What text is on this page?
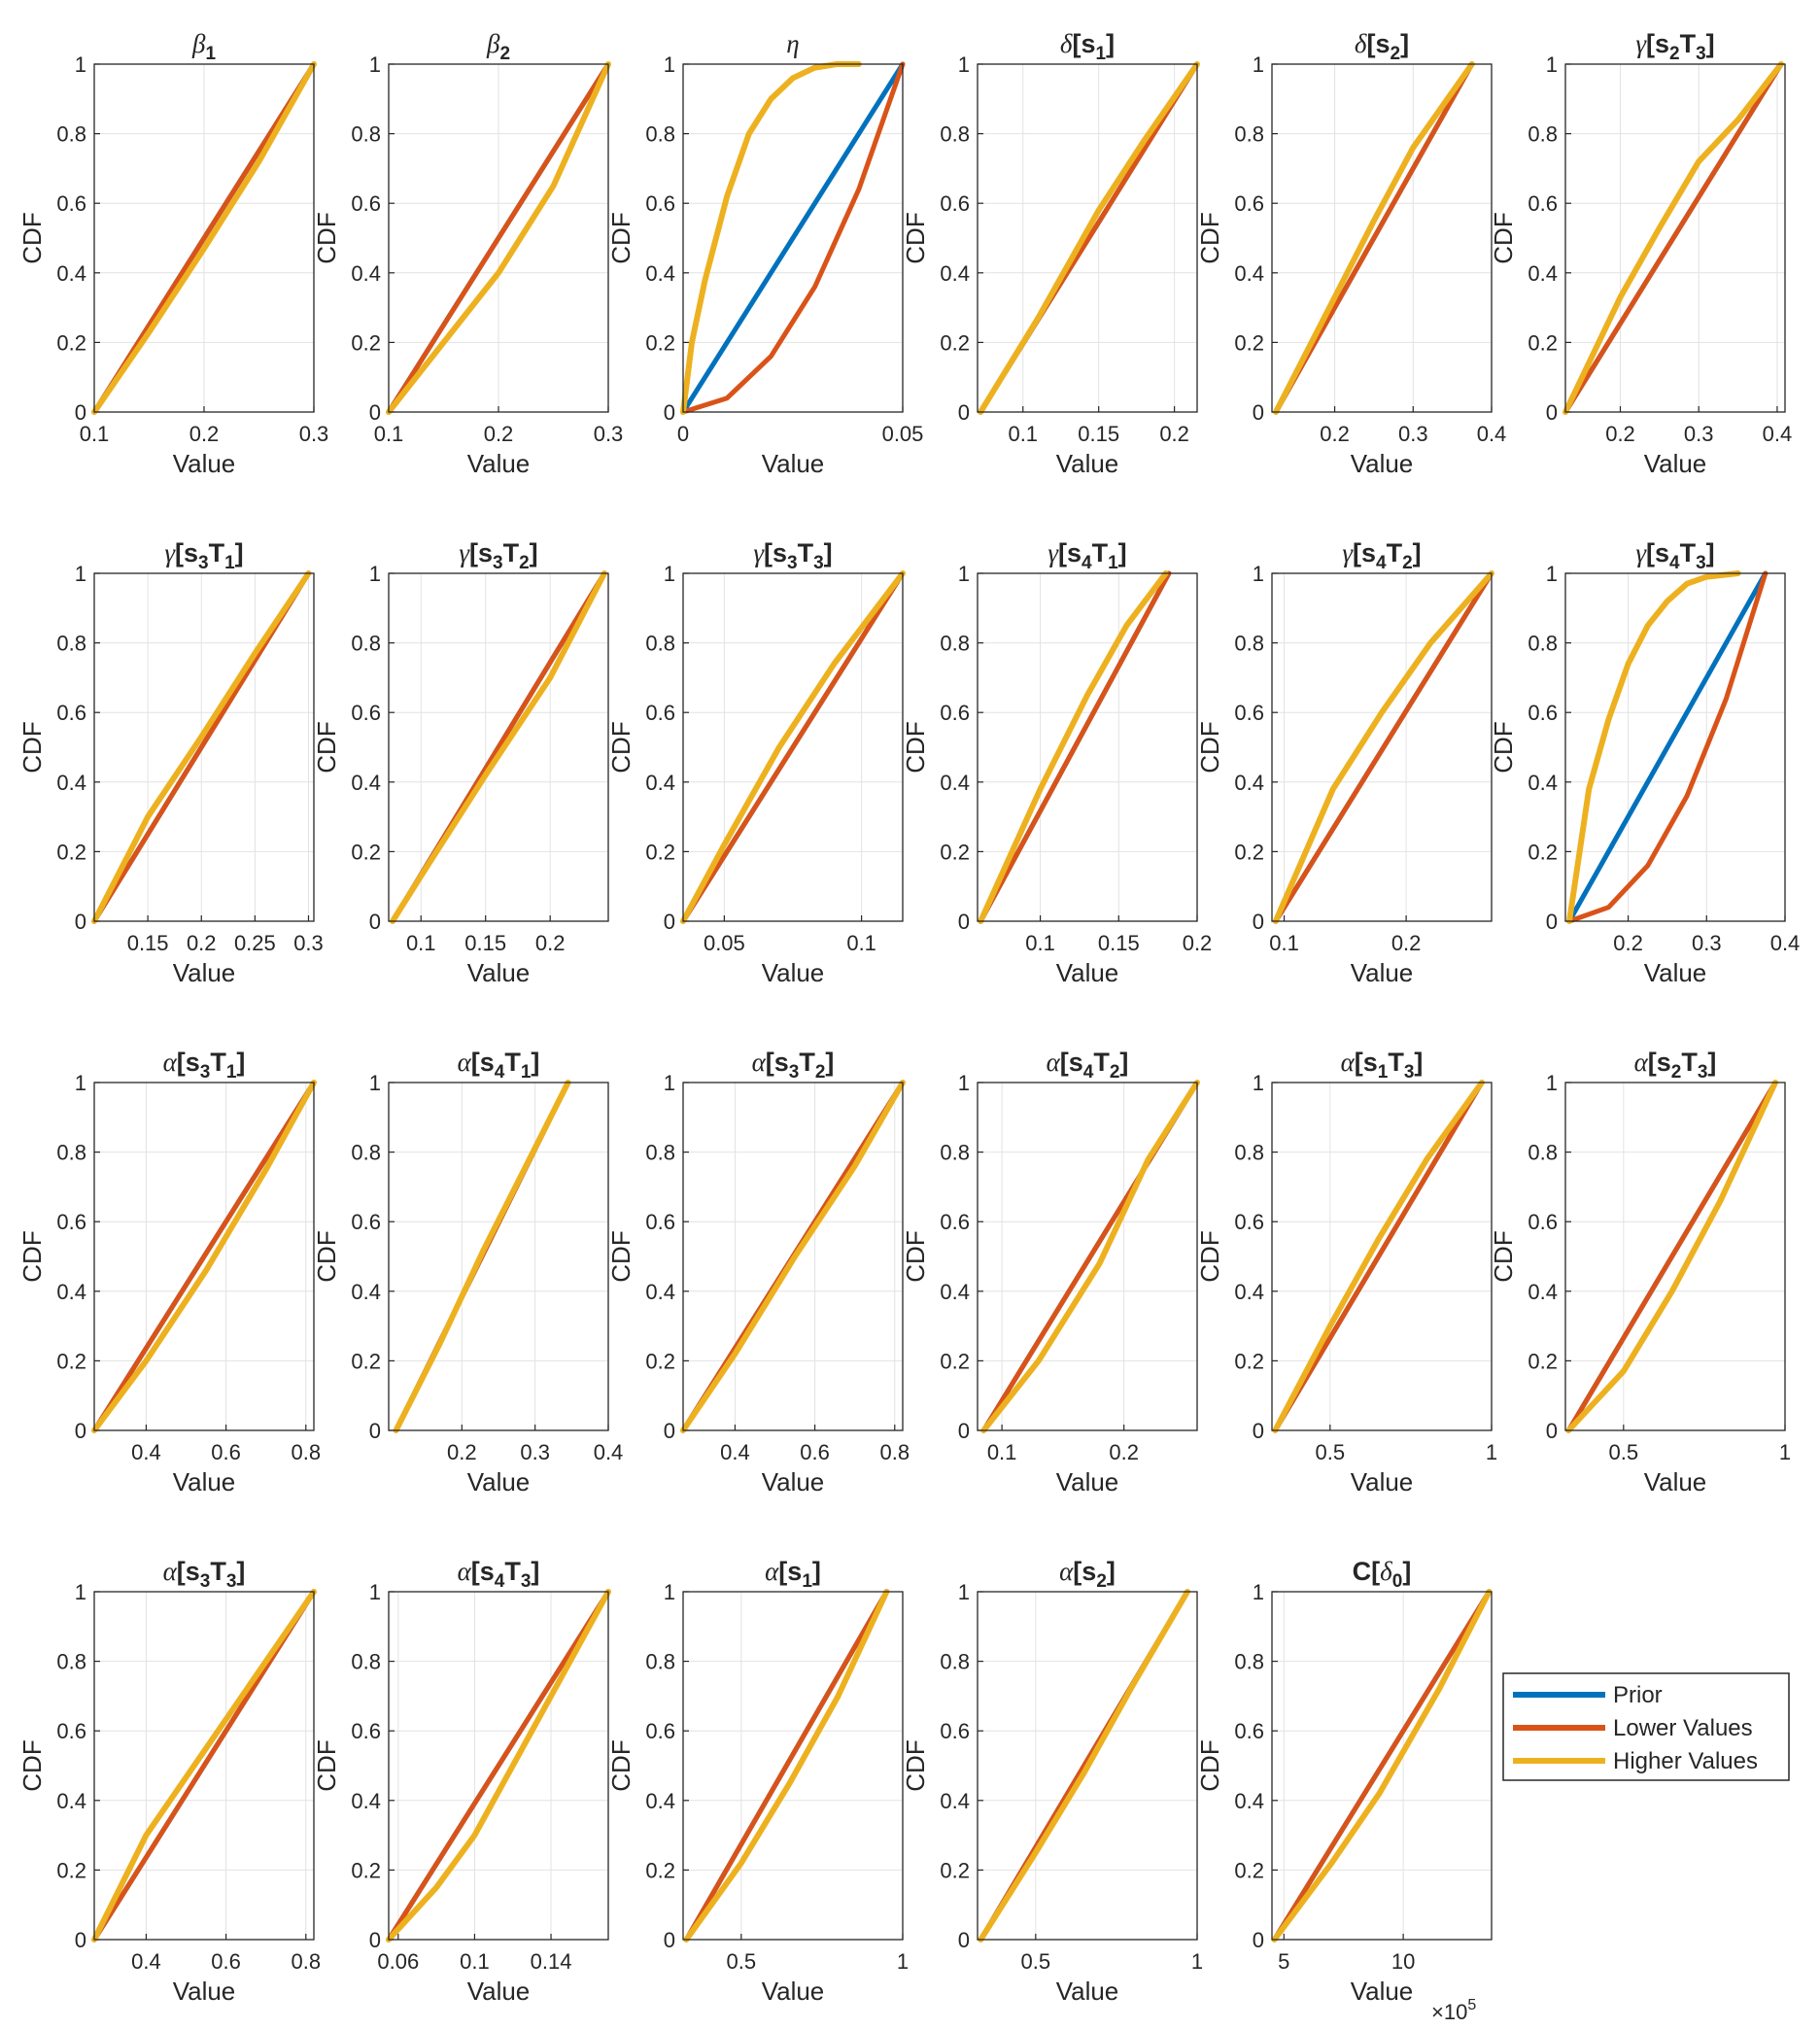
0.1	0.2	0.3
0
0.2
0.4
0.6
0.8
1
Value
CDF
$\beta_1$
0.1	0.2	0.3
0
0.2
0.4
0.6
0.8
1
Value
CDF
$\beta_2$
0	0.05
0
0.2
0.4
0.6
0.8
1
Value
CDF
η
0.1 0.15 0.2
0
0.2
0.4
0.6
0.8
1
Value
CDF
$\delta[s_1]$
0.2 0.3 0.4
0
0.2
0.4
0.6
0.8
1
Value
CDF
$\delta[s_2]$
0.2 0.3 0.4
0
0.2
0.4
0.6
0.8
1
Value
CDF
$\gamma[s_2T_3]$
0.15 0.2 0.25 0.3
0
0.2
0.4
0.6
0.8
1
Value
CDF
$\gamma[s_3T_1]$
0.1 0.15 0.2
0
0.2
0.4
0.6
0.8
1
Value
CDF
$\gamma[s_3T_2]$
0.05	0.1
0
0.2
0.4
0.6
0.8
1
Value
CDF
$\gamma[s_3T_3]$
0.1 0.15 0.2
0
0.2
0.4
0.6
0.8
1
Value
CDF
$\gamma[s_4T_1]$
0.1	0.2
0
0.2
0.4
0.6
0.8
1
Value
CDF
$\gamma[s_4T_2]$
0.2 0.3 0.4
0
0.2
0.4
0.6
0.8
1
Value
CDF
$\gamma[s_4T_3]$
0.4 0.6 0.8
0
0.2
0.4
0.6
0.8
1
Value
CDF
$\alpha[s_3T_1]$
0.2 0.3 0.4
0
0.2
0.4
0.6
0.8
1
Value
CDF
$\alpha[s_4T_1]$
0.4 0.6 0.8
0
0.2
0.4
0.6
0.8
1
Value
CDF
$\alpha[s_3T_2]$
0.1	0.2
0
0.2
0.4
0.6
0.8
1
Value
CDF
$\alpha[s_4T_2]$
0.5	1
0
0.2
0.4
0.6
0.8
1
Value
CDF
$\alpha[s_1T_3]$
0.5	1
0
0.2
0.4
0.6
0.8
1
Value
CDF
$\alpha[s_2T_3]$
0.4 0.6 0.8
0
0.2
0.4
0.6
0.8
1
Value
CDF
$\alpha[s_3T_3]$
0.06 0.1 0.14
0
0.2
0.4
0.6
0.8
1
Value
CDF
$\alpha[s_4T_3]$
0.5	1
0
0.2
0.4
0.6
0.8
1
Value
CDF
$\alpha[s_1]$
0.5	1
0
0.2
0.4
0.6
0.8
1
Value
CDF
$\alpha[s_2]$
5	10
0
0.2
0.4
0.6
0.8
1
Value
CDF
$C[\delta_0]$
Prior
Lower Values
Higher Values
$\times 10^5$
